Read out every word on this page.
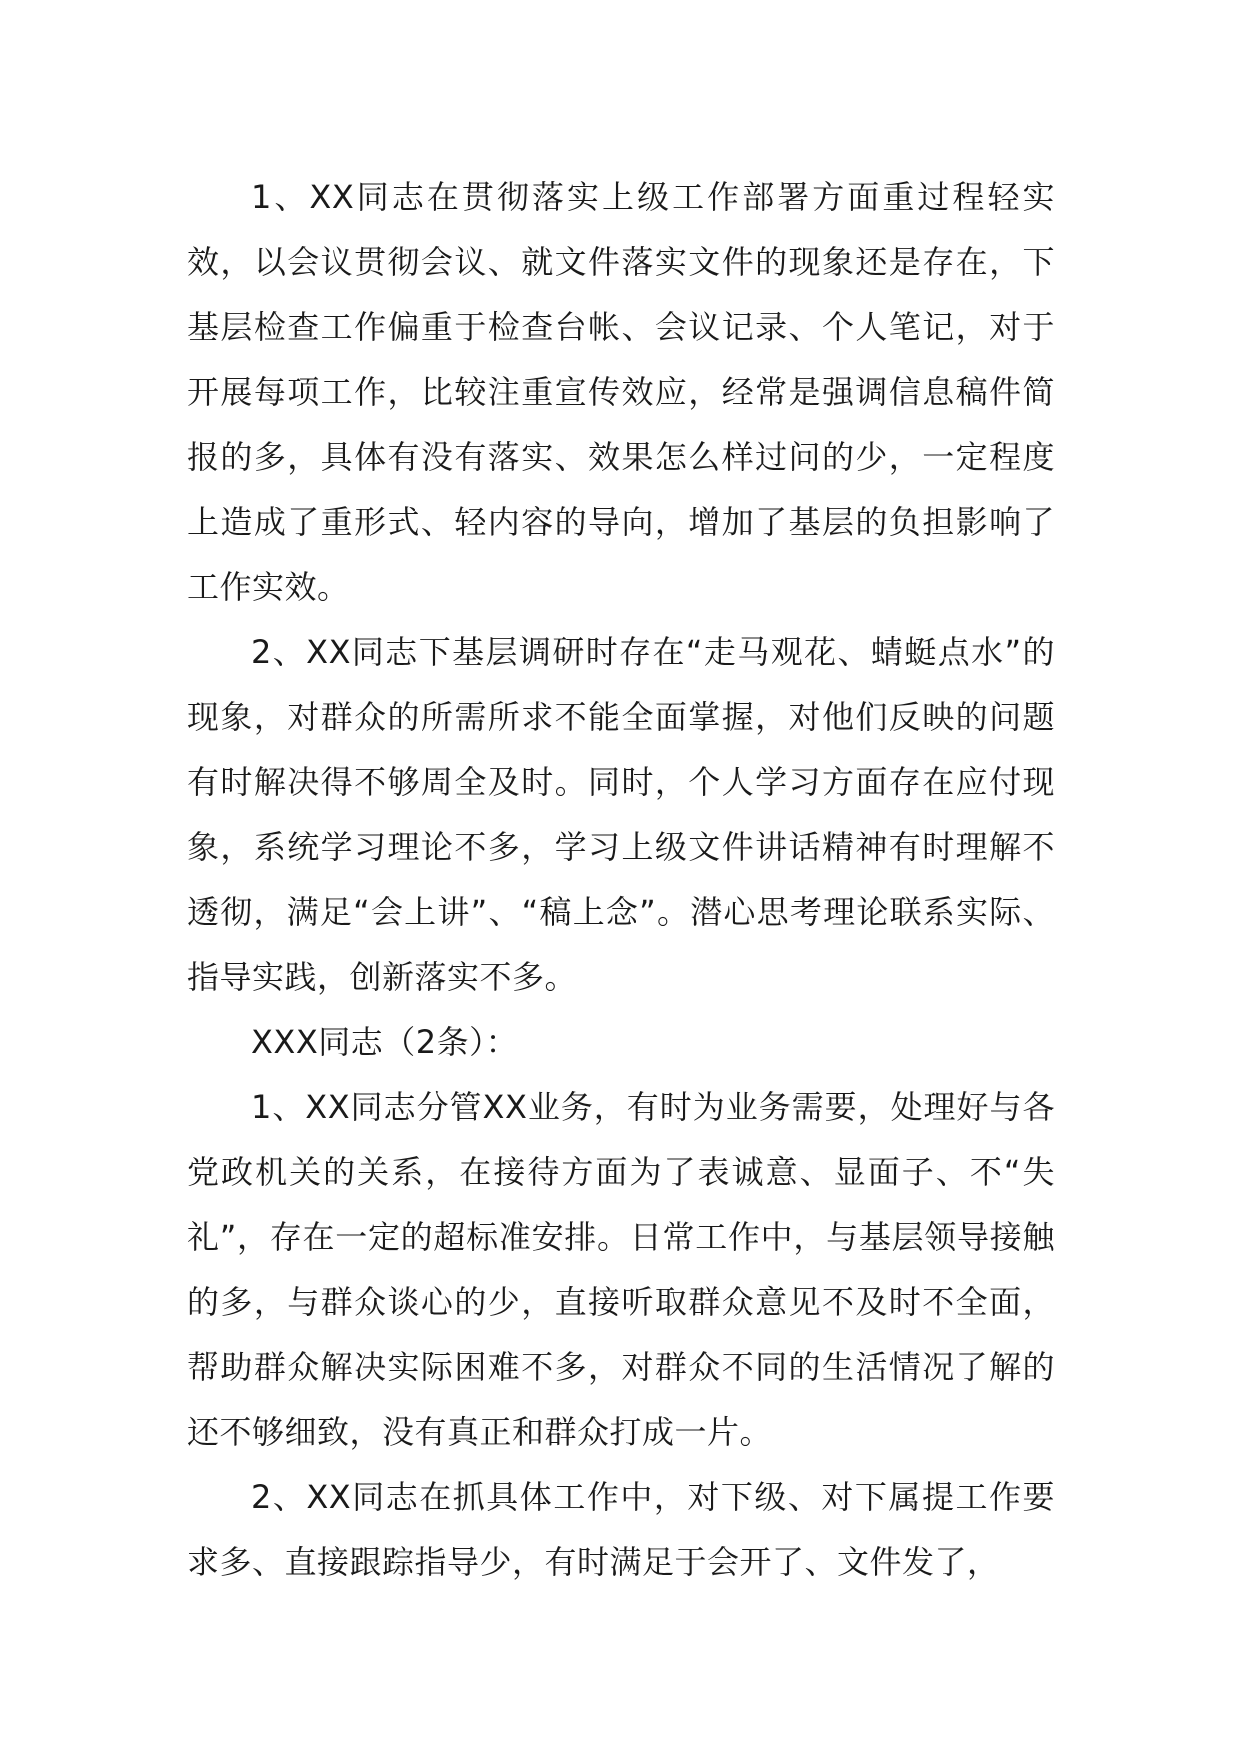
1、XX同志在贯彻落实上级工作部署方面重过程轻实效，以会议贯彻会议、就文件落实文件的现象还是存在，下基层检查工作偏重于检查台帐、会议记录、个人笔记，对于开展每项工作，比较注重宣传效应，经常是强调信息稿件简报的多，具体有没有落实、效果怎么样过问的少，一定程度上造成了重形式、轻内容的导向，增加了基层的负担影响了工作实效。

2、XX同志下基层调研时存在“走马观花、蜻蜓点水”的现象，对群众的所需所求不能全面掌握，对他们反映的问题有时解决得不够周全及时。同时，个人学习方面存在应付现象，系统学习理论不多，学习上级文件讲话精神有时理解不透彻，满足“会上讲”、“稿上念”。潜心思考理论联系实际、指导实践，创新落实不多。

XXX同志（2条）：

1、XX同志分管XX业务，有时为业务需要，处理好与各党政机关的关系，在接待方面为了表诚意、显面子、不“失礼”，存在一定的超标准安排。日常工作中，与基层领导接触的多，与群众谈心的少，直接听取群众意见不及时不全面，帮助群众解决实际困难不多，对群众不同的生活情况了解的还不够细致，没有真正和群众打成一片。

2、XX同志在抓具体工作中，对下级、对下属提工作要求多、直接跟踪指导少，有时满足于会开了、文件发了，
